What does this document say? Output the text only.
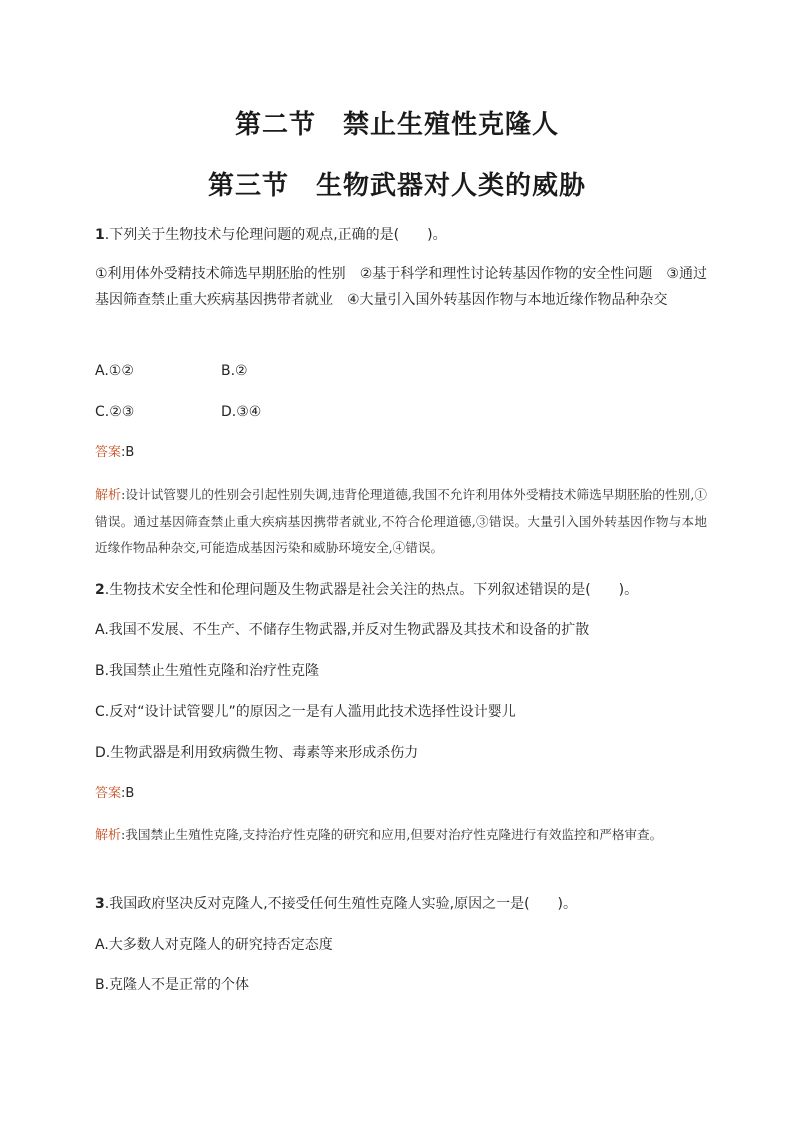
第二节　禁止生殖性克隆人
第三节　生物武器对人类的威胁
1.下列关于生物技术与伦理问题的观点,正确的是(　　)。
①利用体外受精技术筛选早期胚胎的性别　②基于科学和理性讨论转基因作物的安全性问题　③通过基因筛查禁止重大疾病基因携带者就业　④大量引入国外转基因作物与本地近缘作物品种杂交
A.①②	B.②
C.②③	D.③④
答案:B
解析:设计试管婴儿的性别会引起性别失调,违背伦理道德,我国不允许利用体外受精技术筛选早期胚胎的性别,①错误。通过基因筛查禁止重大疾病基因携带者就业,不符合伦理道德,③错误。大量引入国外转基因作物与本地近缘作物品种杂交,可能造成基因污染和威胁环境安全,④错误。
2.生物技术安全性和伦理问题及生物武器是社会关注的热点。下列叙述错误的是(　　)。
A.我国不发展、不生产、不储存生物武器,并反对生物武器及其技术和设备的扩散
B.我国禁止生殖性克隆和治疗性克隆
C.反对“设计试管婴儿”的原因之一是有人滥用此技术选择性设计婴儿
D.生物武器是利用致病微生物、毒素等来形成杀伤力
答案:B
解析:我国禁止生殖性克隆,支持治疗性克隆的研究和应用,但要对治疗性克隆进行有效监控和严格审查。
3.我国政府坚决反对克隆人,不接受任何生殖性克隆人实验,原因之一是(　　)。
A.大多数人对克隆人的研究持否定态度
B.克隆人不是正常的个体
